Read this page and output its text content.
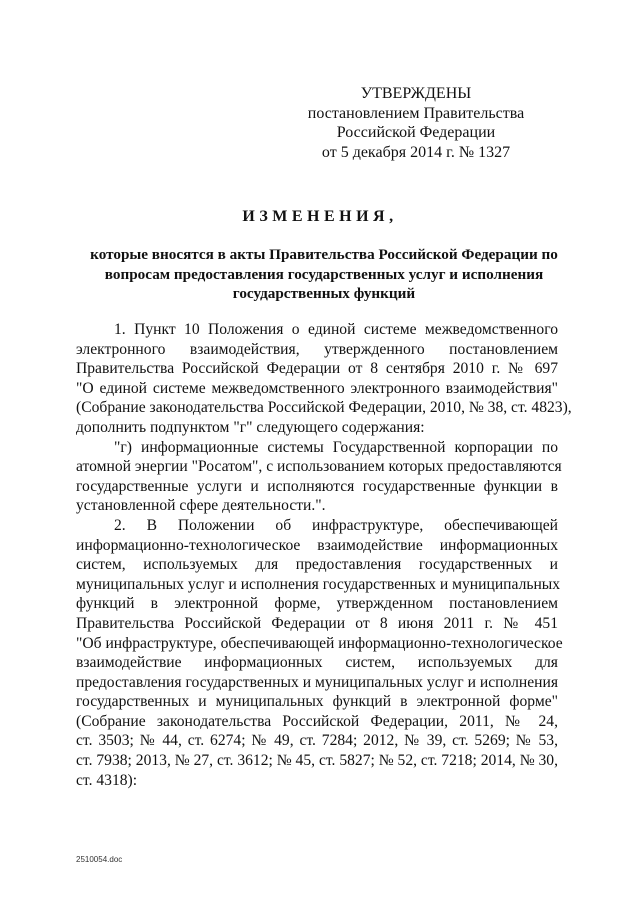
УТВЕРЖДЕНЫ
постановлением Правительства
Российской Федерации
от 5 декабря 2014 г. № 1327
ИЗМЕНЕНИЯ,
которые вносятся в акты Правительства Российской Федерации по
вопросам предоставления государственных услуг и исполнения
государственных функций
1. Пункт 10 Положения о единой системе межведомственного
электронного взаимодействия, утвержденного постановлением
Правительства Российской Федерации от 8 сентября 2010 г. № 697
"О единой системе межведомственного электронного взаимодействия"
(Собрание законодательства Российской Федерации, 2010, № 38, ст. 4823),
дополнить подпунктом "г" следующего содержания:
"г) информационные системы Государственной корпорации по
атомной энергии "Росатом", с использованием которых предоставляются
государственные услуги и исполняются государственные функции в
установленной сфере деятельности.".
2. В Положении об инфраструктуре, обеспечивающей
информационно-технологическое взаимодействие информационных
систем, используемых для предоставления государственных и
муниципальных услуг и исполнения государственных и муниципальных
функций в электронной форме, утвержденном постановлением
Правительства Российской Федерации от 8 июня 2011 г. № 451
"Об инфраструктуре, обеспечивающей информационно-технологическое
взаимодействие информационных систем, используемых для
предоставления государственных и муниципальных услуг и исполнения
государственных и муниципальных функций в электронной форме"
(Собрание законодательства Российской Федерации, 2011, № 24,
ст. 3503; № 44, ст. 6274; № 49, ст. 7284; 2012, № 39, ст. 5269; № 53,
ст. 7938; 2013, № 27, ст. 3612; № 45, ст. 5827; № 52, ст. 7218; 2014, № 30,
ст. 4318):
2510054.doc
